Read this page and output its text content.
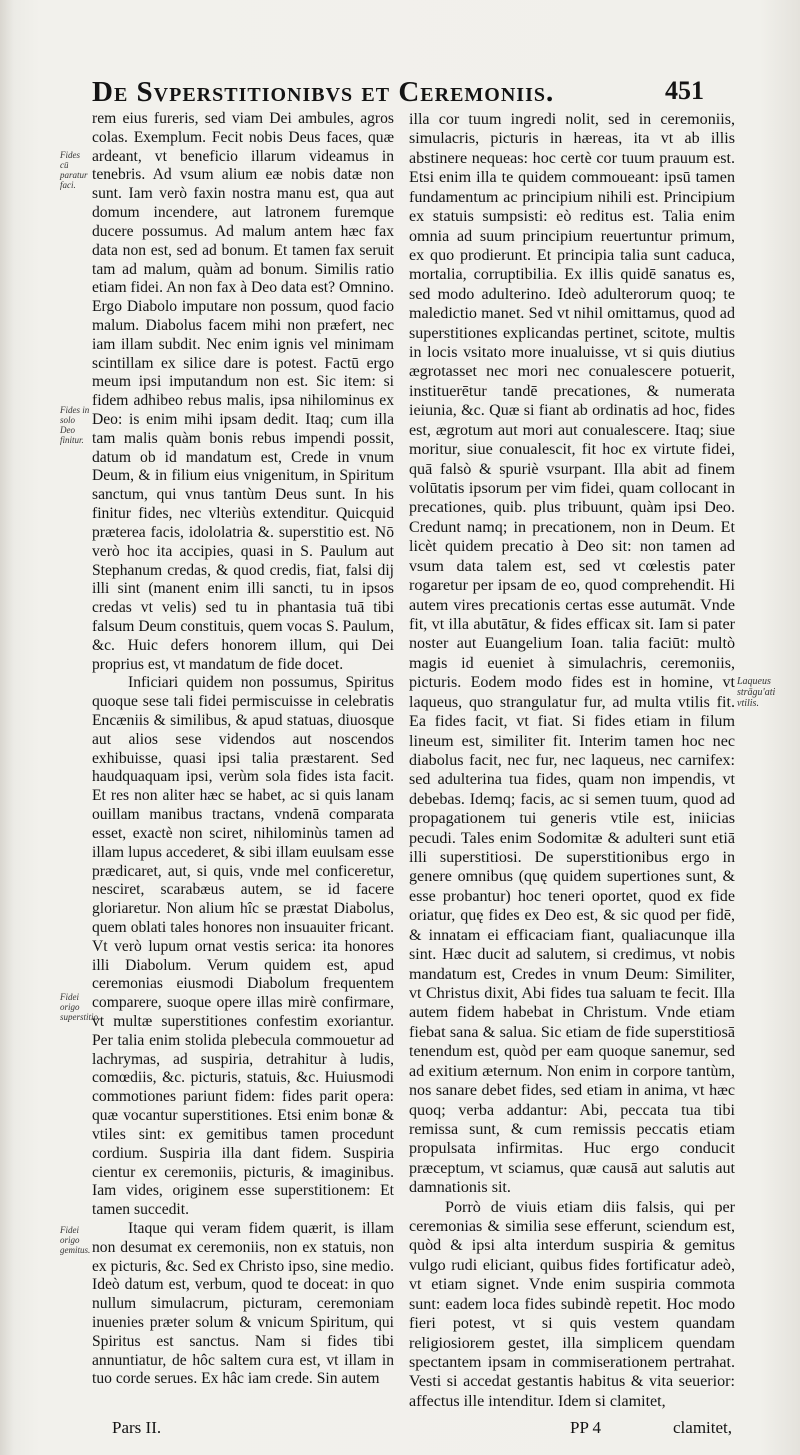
De Svperstitionibvs et Ceremoniis.	451
Fides cū paratur faci.
Fides in solo Deo finitur.
Fidei origo superstitio.
Fidei origo gemitus.
Laqueus strāgu'ati vtilis.

rem eius fureris, sed viam Dei ambules, agros colas. Exemplum. Fecit nobis Deus faces, quæ ardeant, vt beneficio illarum videamus in tenebris. Ad vsum alium eæ nobis datæ non sunt. Iam verò faxin nostra manu est, qua aut domum incendere, aut latronem furemque ducere possumus. Ad malum antem hæc fax data non est, sed ad bonum. Et tamen fax seruit tam ad malum, quàm ad bonum. Similis ratio etiam fidei. An non fax à Deo data est? Omnino. Ergo Diabolo imputare non possum, quod facio malum. Diabolus facem mihi non præfert, nec iam illam subdit. Nec enim ignis vel minimam scintillam ex silice dare is potest. Factū ergo meum ipsi imputandum non est. Sic item: si fidem adhibeo rebus malis, ipsa nihilominus ex Deo: is enim mihi ipsam dedit. Itaq; cum illa tam malis quàm bonis rebus impendi possit, datum ob id mandatum est, Crede in vnum Deum, & in filium eius vnigenitum, in Spiritum sanctum, qui vnus tantùm Deus sunt. In his finitur fides, nec vlteriùs extenditur. Quicquid præterea facis, idololatria &. superstitio est. Nō verò hoc ita accipies, quasi in S. Paulum aut Stephanum credas, & quod credis, fiat, falsi dij illi sint (manent enim illi sancti, tu in ipsos credas vt velis) sed tu in phantasia tuā tibi falsum Deum constituis, quem vocas S. Paulum, &c. Huic defers honorem illum, qui Dei proprius est, vt mandatum de fide docet.

Inficiari quidem non possumus, Spiritus quoque sese tali fidei permiscuisse in celebratis Encæniis & similibus, & apud statuas, diuosque aut alios sese videndos aut noscendos exhibuisse, quasi ipsi talia præstarent. Sed haudquaquam ipsi, verùm sola fides ista facit. Et res non aliter hæc se habet, ac si quis lanam ouillam manibus tractans, vndenā comparata esset, exactè non sciret, nihilominùs tamen ad illam lupus accederet, & sibi illam euulsam esse prædicaret, aut, si quis, vnde mel conficeretur, nesciret, scarabæus autem, se id facere gloriaretur. Non alium hîc se præstat Diabolus, quem oblati tales honores non insuauiter fricant. Vt verò lupum ornat vestis serica: ita honores illi Diabolum. Verum quidem est, apud ceremonias eiusmodi Diabolum frequentem comparere, suoque opere illas mirè confirmare, vt multæ superstitiones confestim exoriantur. Per talia enim stolida plebecula commouetur ad lachrymas, ad suspiria, detrahitur à ludis, comœdiis, &c. picturis, statuis, &c. Huiusmodi commotiones pariunt fidem: fides parit opera: quæ vocantur superstitiones. Etsi enim bonæ & vtiles sint: ex gemitibus tamen procedunt cordium. Suspiria illa dant fidem. Suspiria cientur ex ceremoniis, picturis, & imaginibus. Iam vides, originem esse superstitionem: Et tamen succedit.

Itaque qui veram fidem quærit, is illam non desumat ex ceremoniis, non ex statuis, non ex picturis, &c. Sed ex Christo ipso, sine medio. Ideò datum est, verbum, quod te doceat: in quo nullum simulacrum, picturam, ceremoniam inuenies præter solum & vnicum Spiritum, qui Spiritus est sanctus. Nam si fides tibi annuntiatur, de hôc saltem cura est, vt illam in tuo corde serues. Ex hâc iam crede. Sin autem

illa cor tuum ingredi nolit, sed in ceremoniis, simulacris, picturis in hæreas, ita vt ab illis abstinere nequeas: hoc certè cor tuum prauum est. Etsi enim illa te quidem commoueant: ipsū tamen fundamentum ac principium nihili est. Principium ex statuis sumpsisti: eò reditus est. Talia enim omnia ad suum principium reuertuntur primum, ex quo prodierunt. Et principia talia sunt caduca, mortalia, corruptibilia. Ex illis quidē sanatus es, sed modo adulterino. Ideò adulterorum quoq; te maledictio manet. Sed vt nihil omittamus, quod ad superstitiones explicandas pertinet, scitote, multis in locis vsitato more inualuisse, vt si quis diutius ægrotasset nec mori nec conualescere potuerit, instituerētur tandē precationes, & numerata ieiunia, &c. Quæ si fiant ab ordinatis ad hoc, fides est, ægrotum aut mori aut conualescere. Itaq; siue moritur, siue conualescit, fit hoc ex virtute fidei, quā falsò & spuriè vsurpant. Illa abit ad finem volūtatis ipsorum per vim fidei, quam collocant in precationes, quib. plus tribuunt, quàm ipsi Deo. Credunt namq; in precationem, non in Deum. Et licèt quidem precatio à Deo sit: non tamen ad vsum data talem est, sed vt cœlestis pater rogaretur per ipsam de eo, quod comprehendit. Hi autem vires precationis certas esse autumāt. Vnde fit, vt illa abutātur, & fides efficax sit. Iam si pater noster aut Euangelium Ioan. talia faciūt: multò magis id eueniet à simulachris, ceremoniis, picturis. Eodem modo fides est in homine, vt laqueus, quo strangulatur fur, ad multa vtilis fit. Ea fides facit, vt fiat. Si fides etiam in filum lineum est, similiter fit. Interim tamen hoc nec diabolus facit, nec fur, nec laqueus, nec carnifex: sed adulterina tua fides, quam non impendis, vt debebas. Idemq; facis, ac si semen tuum, quod ad propagationem tui generis vtile est, iniicias pecudi. Tales enim Sodomitæ & adulteri sunt etiā illi superstitiosi. De superstitionibus ergo in genere omnibus (quę quidem supertiones sunt, & esse probantur) hoc teneri oportet, quod ex fide oriatur, quę fides ex Deo est, & sic quod per fidē, & innatam ei efficaciam fiant, qualiacunque illa sint. Hæc ducit ad salutem, si credimus, vt nobis mandatum est, Credes in vnum Deum: Similiter, vt Christus dixit, Abi fides tua saluam te fecit. Illa autem fidem habebat in Christum. Vnde etiam fiebat sana & salua. Sic etiam de fide superstitiosā tenendum est, quòd per eam quoque sanemur, sed ad exitium æternum. Non enim in corpore tantùm, nos sanare debet fides, sed etiam in anima, vt hæc quoq; verba addantur: Abi, peccata tua tibi remissa sunt, & cum remissis peccatis etiam propulsata infirmitas. Huc ergo conducit præceptum, vt sciamus, quæ causā aut salutis aut damnationis sit.

Porrò de viuis etiam diis falsis, qui per ceremonias & similia sese efferunt, sciendum est, quòd & ipsi alta interdum suspiria & gemitus vulgo rudi eliciant, quibus fides fortificatur adeò, vt etiam signet. Vnde enim suspiria commota sunt: eadem loca fides subindè repetit. Hoc modo fieri potest, vt si quis vestem quandam religiosiorem gestet, illa simplicem quendam spectantem ipsam in commiserationem pertrahat. Vesti si accedat gestantis habitus & vita seuerior: affectus ille intenditur. Idem si clamitet,

Pars II.	PP 4	clamitet,
